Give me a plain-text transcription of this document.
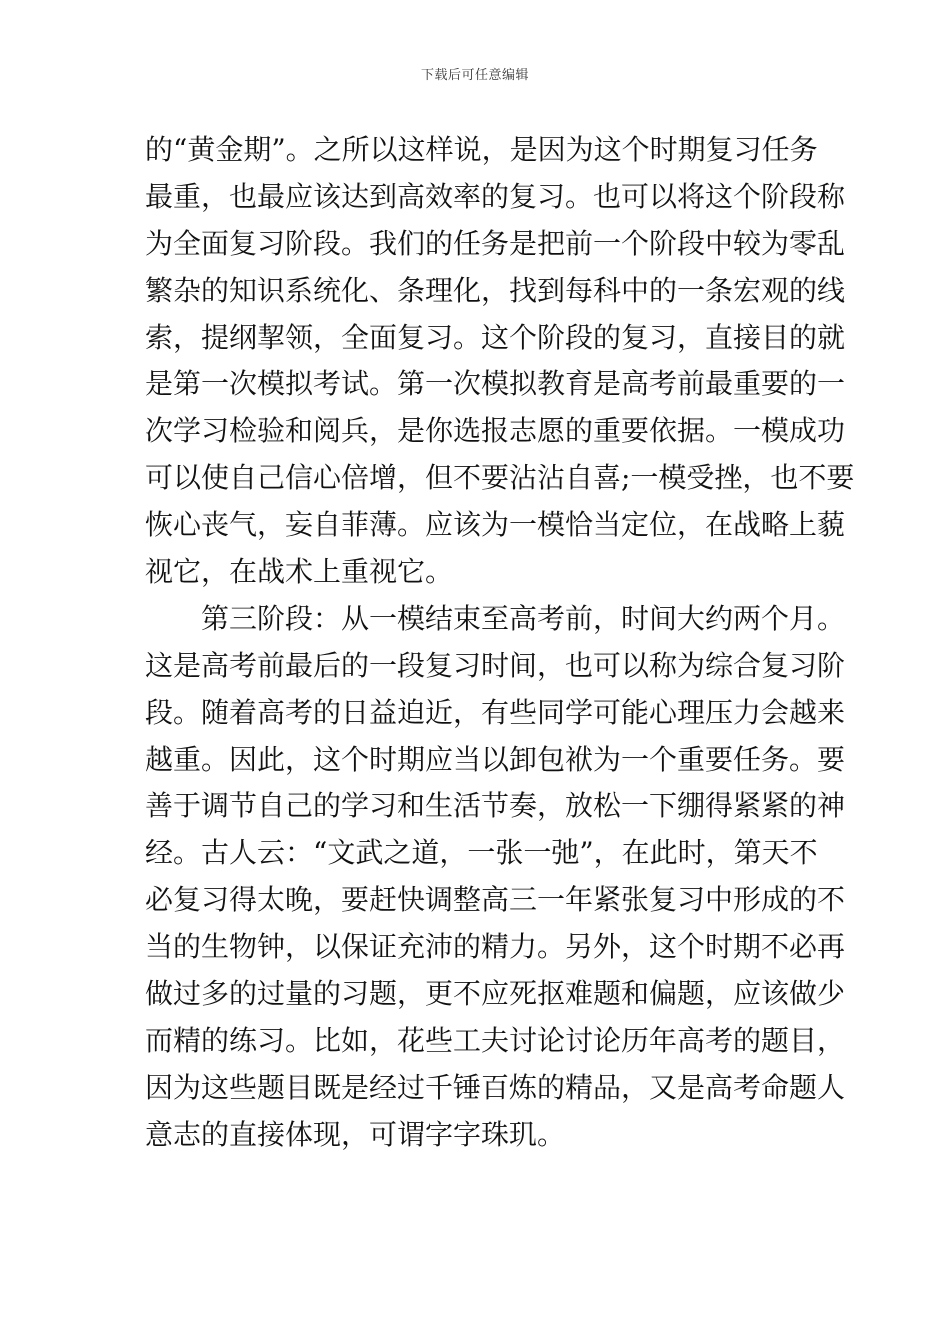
下载后可任意编辑
的“黄金期”。之所以这样说，是因为这个时期复习任务
最重，也最应该达到高效率的复习。也可以将这个阶段称
为全面复习阶段。我们的任务是把前一个阶段中较为零乱
繁杂的知识系统化、条理化，找到每科中的一条宏观的线
索，提纲挈领，全面复习。这个阶段的复习，直接目的就
是第一次模拟考试。第一次模拟教育是高考前最重要的一
次学习检验和阅兵，是你选报志愿的重要依据。一模成功
可以使自己信心倍增，但不要沾沾自喜;一模受挫，也不要
恢心丧气，妄自菲薄。应该为一模恰当定位，在战略上藐
视它，在战术上重视它。
　　第三阶段：从一模结束至高考前，时间大约两个月。
这是高考前最后的一段复习时间，也可以称为综合复习阶
段。随着高考的日益迫近，有些同学可能心理压力会越来
越重。因此，这个时期应当以卸包袱为一个重要任务。要
善于调节自己的学习和生活节奏，放松一下绷得紧紧的神
经。古人云：“文武之道，一张一弛”，在此时，第天不
必复习得太晚，要赶快调整高三一年紧张复习中形成的不
当的生物钟，以保证充沛的精力。另外，这个时期不必再
做过多的过量的习题，更不应死抠难题和偏题，应该做少
而精的练习。比如，花些工夫讨论讨论历年高考的题目，
因为这些题目既是经过千锤百炼的精品，又是高考命题人
意志的直接体现，可谓字字珠玑。
